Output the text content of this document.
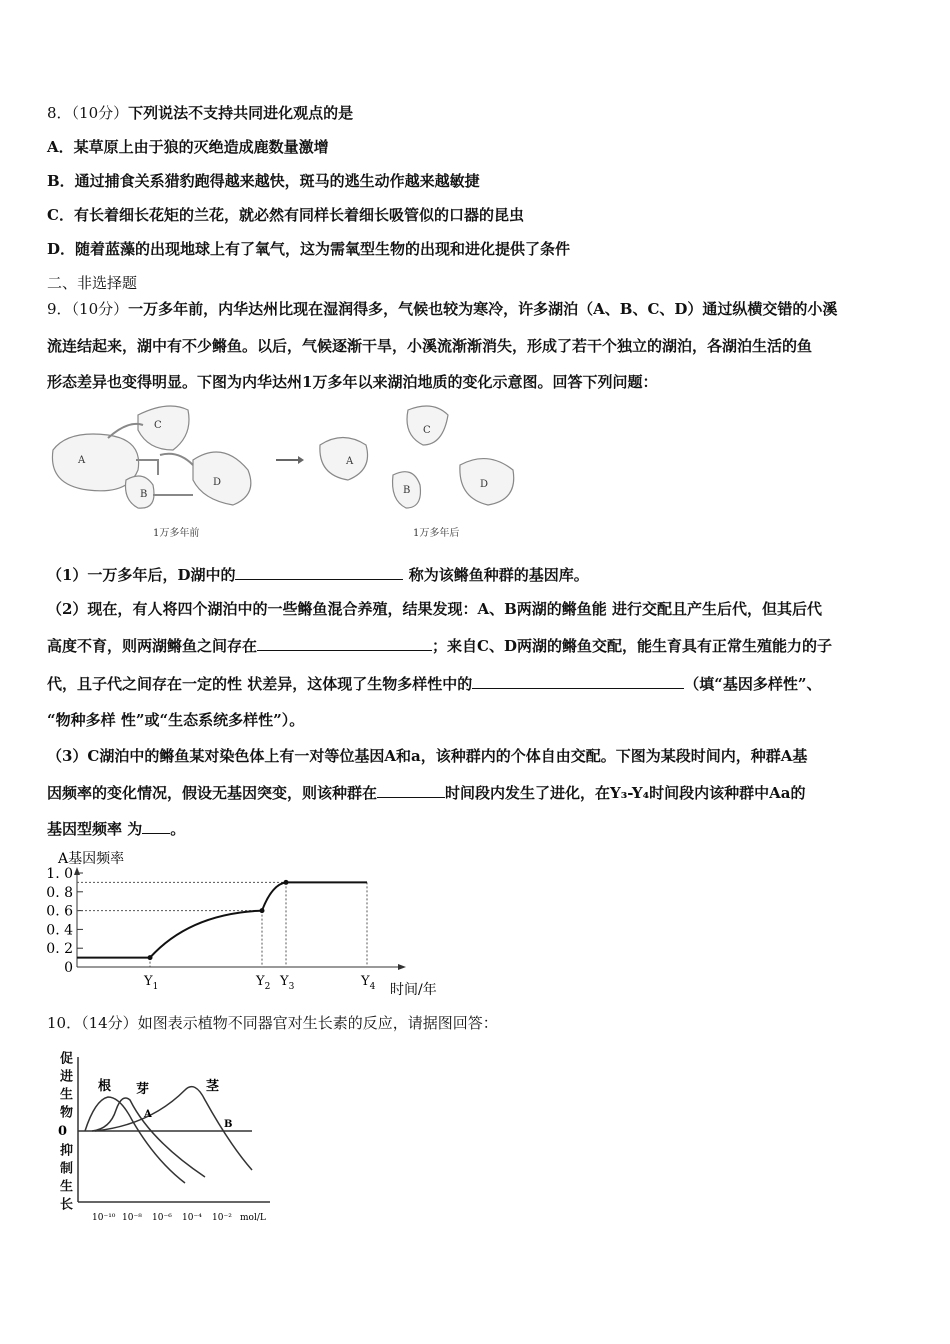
8．（10分）下列说法不支持共同进化观点的是
A．某草原上由于狼的灭绝造成鹿数量激增
B．通过捕食关系猎豹跑得越来越快，斑马的逃生动作越来越敏捷
C．有长着细长花矩的兰花，就必然有同样长着细长吸管似的口器的昆虫
D．随着蓝藻的出现地球上有了氧气，这为需氧型生物的出现和进化提供了条件
二、非选择题
9．（10分）一万多年前，内华达州比现在湿润得多，气候也较为寒冷，许多湖泊（A、B、C、D）通过纵横交错的小溪
流连结起来，湖中有不少鳉鱼。以后，气候逐渐干旱，小溪流渐渐消失，形成了若干个独立的湖泊，各湖泊生活的鱼
形态差异也变得明显。下图为内华达州1万多年以来湖泊地质的变化示意图。回答下列问题：
A
C
B
D
A
C
B
D
1万多年前	1万多年后
（1）一万多年后，D湖中的	称为该鳉鱼种群的基因库。
（2）现在，有人将四个湖泊中的一些鳉鱼混合养殖，结果发现：A、B两湖的鳉鱼能 进行交配且产生后代，但其后代
高度不育，则两湖鳉鱼之间存在	；来自C、D两湖的鳉鱼交配，能生育具有正常生殖能力的子
代，且子代之间存在一定的性 状差异，这体现了生物多样性中的	（填“基因多样性”、
“物种多样 性”或“生态系统多样性”）。
（3）C湖泊中的鳉鱼某对染色体上有一对等位基因A和a，该种群内的个体自由交配。下图为某段时间内，种群A基
因频率的变化情况，假设无基因突变，则该种群在	时间段内发生了进化，在Y₃-Y₄时间段内该种群中Aa的
基因型频率 为 。
A基因频率
0
0. 2
0. 4
0. 6
0. 8
1. 0
$Y_1$	$Y_2$ $Y_3$	$Y_4$ 时间/年
10．（14分）如图表示植物不同器官对生长素的反应，请据图回答：
0
根 芽	茎
A
B
10⁻¹⁰ 10⁻⁸ 10⁻⁶ 10⁻⁴ 10⁻² mol/L
促进生物
抑制生长
